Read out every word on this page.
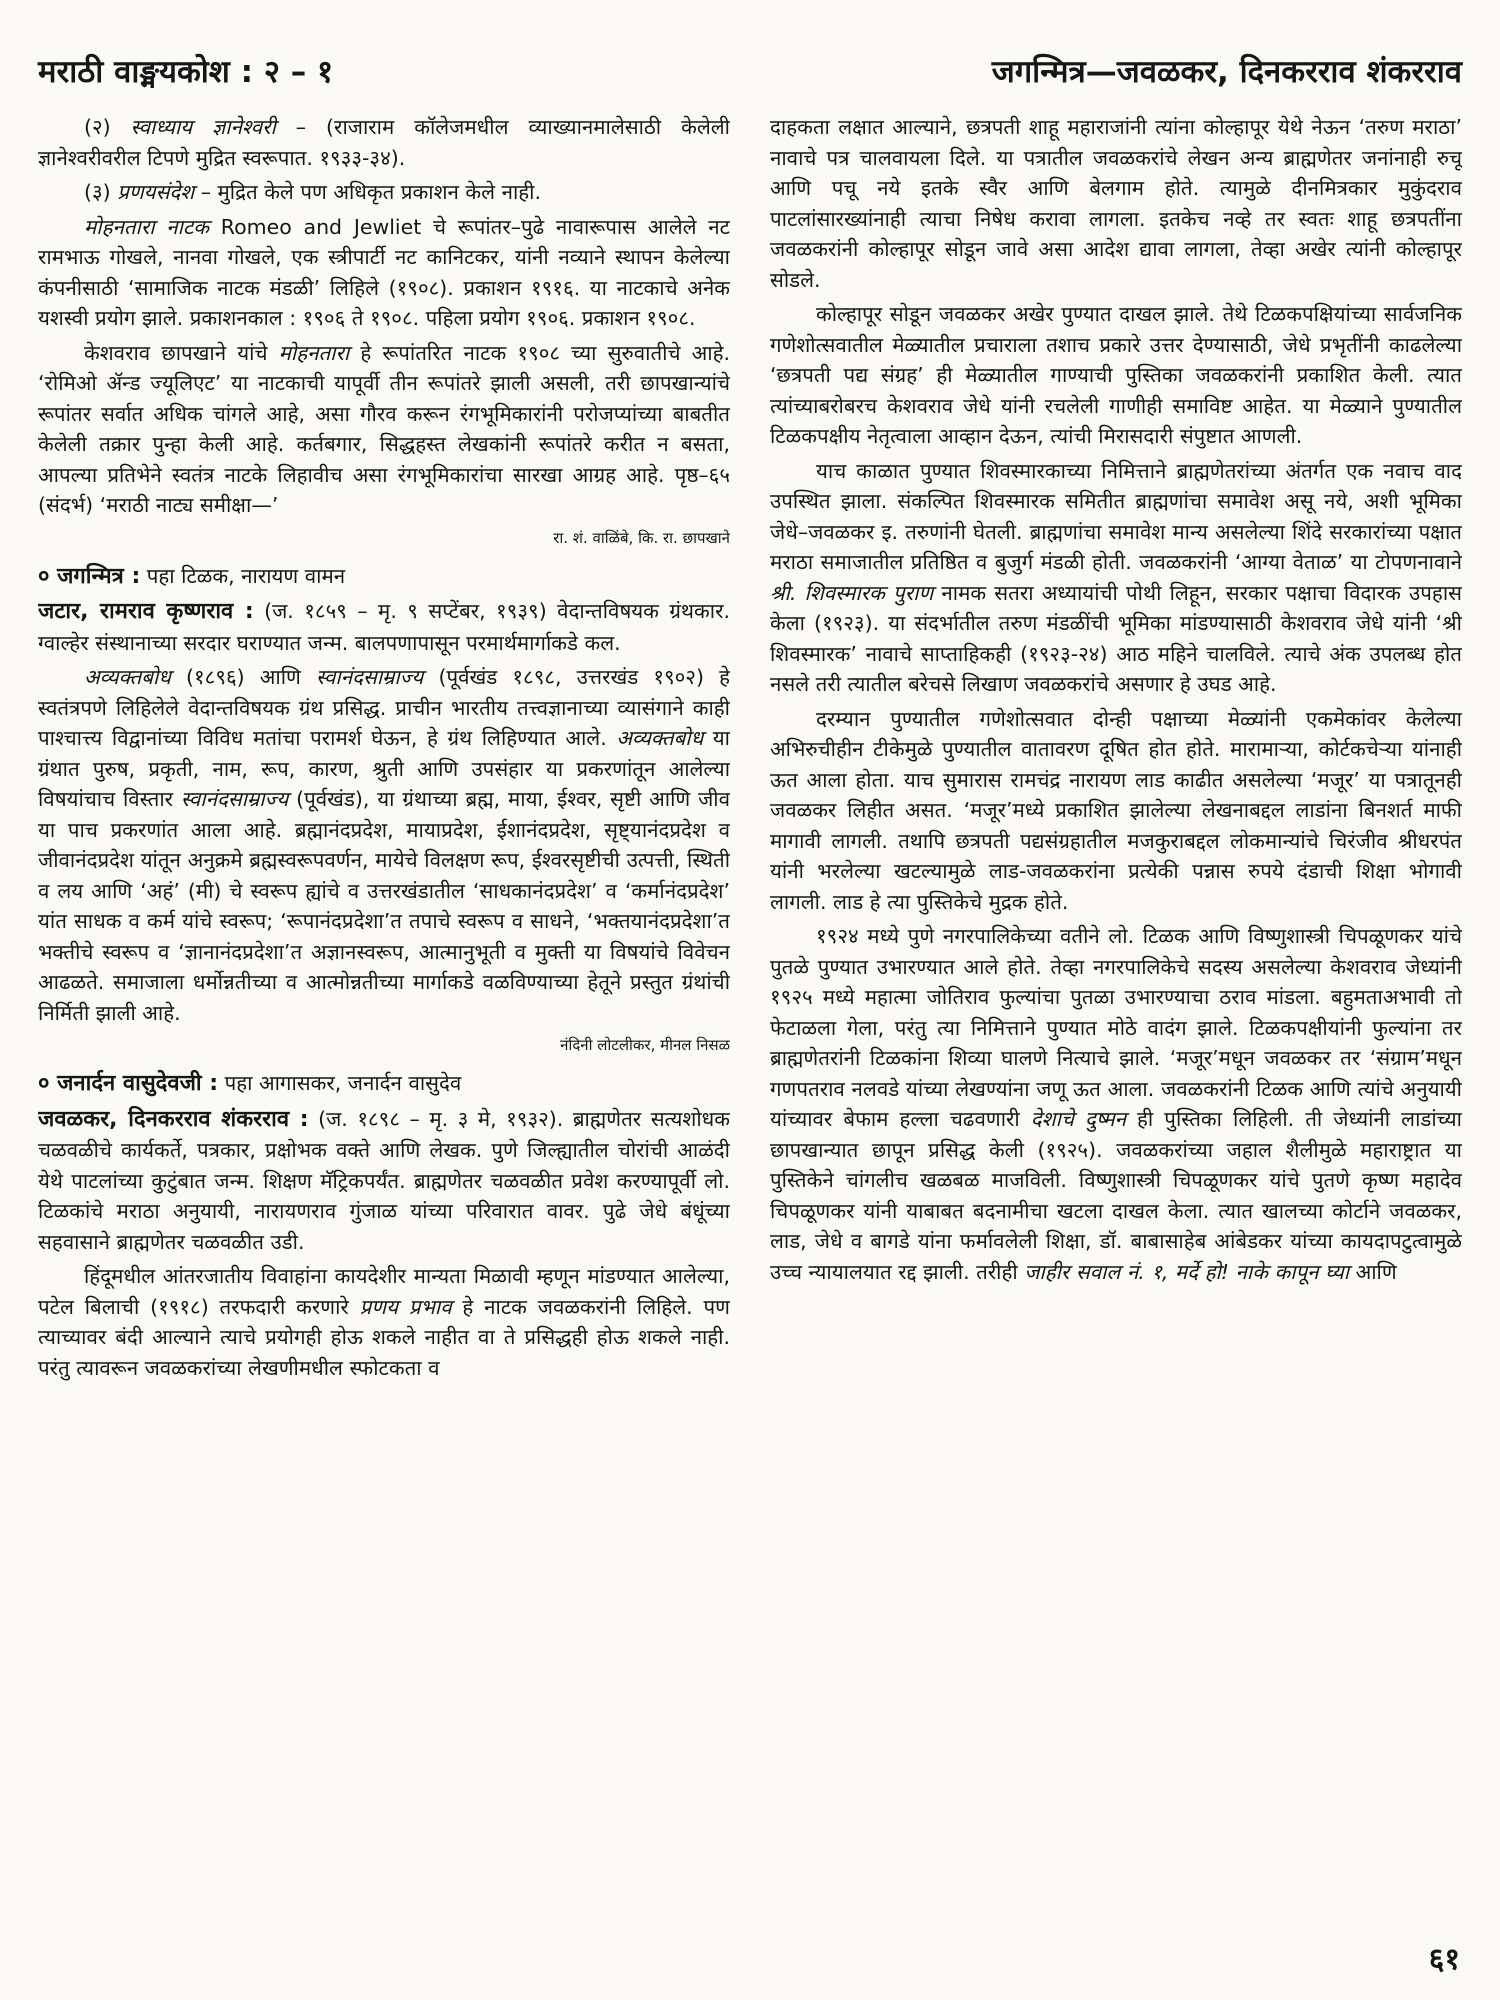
मराठी वाङ्मयकोश : २ – १	जगन्मित्र—जवळकर, दिनकरराव शंकरराव

(२) स्वाध्याय ज्ञानेश्वरी – (राजाराम कॉलेजमधील व्याख्यानमालेसाठी केलेली ज्ञानेश्वरीवरील टिपणे मुद्रित स्वरूपात. १९३३-३४).

(३) प्रणयसंदेश – मुद्रित केले पण अधिकृत प्रकाशन केले नाही.

मोहनतारा नाटक Romeo and Jewliet चे रूपांतर–पुढे नावारूपास आलेले नट रामभाऊ गोखले, नानवा गोखले, एक स्त्रीपार्टी नट कानिटकर, यांनी नव्याने स्थापन केलेल्या कंपनीसाठी ‘सामाजिक नाटक मंडळी’ लिहिले (१९०८). प्रकाशन १९१६. या नाटकाचे अनेक यशस्वी प्रयोग झाले. प्रकाशनकाल : १९०६ ते १९०८. पहिला प्रयोग १९०६. प्रकाशन १९०८.

केशवराव छापखाने यांचे मोहनतारा हे रूपांतरित नाटक १९०८ च्या सुरुवातीचे आहे. ‘रोमिओ ॲन्ड ज्यूलिएट’ या नाटकाची यापूर्वी तीन रूपांतरे झाली असली, तरी छापखान्यांचे रूपांतर सर्वात अधिक चांगले आहे, असा गौरव करून रंगभूमिकारांनी परोजप्यांच्या बाबतीत केलेली तक्रार पुन्हा केली आहे. कर्तबगार, सिद्धहस्त लेखकांनी रूपांतरे करीत न बसता, आपल्या प्रतिभेने स्वतंत्र नाटके लिहावीच असा रंगभूमिकारांचा सारखा आग्रह आहे. पृष्ठ–६५ (संदर्भ) ‘मराठी नाट्य समीक्षा—’

रा. शं. वाळिंबे, कि. रा. छापखाने

० जगन्मित्र : पहा टिळक, नारायण वामन

जटार, रामराव कृष्णराव : (ज. १८५९ – मृ. ९ सप्टेंबर, १९३९) वेदान्तविषयक ग्रंथकार. ग्वाल्हेर संस्थानाच्या सरदार घराण्यात जन्म. बालपणापासून परमार्थमार्गाकडे कल.

अव्यक्तबोध (१८९६) आणि स्वानंदसाम्राज्य (पूर्वखंड १८९८, उत्तरखंड १९०२) हे स्वतंत्रपणे लिहिलेले वेदान्तविषयक ग्रंथ प्रसिद्ध. प्राचीन भारतीय तत्त्वज्ञानाच्या व्यासंगाने काही पाश्चात्त्य विद्वानांच्या विविध मतांचा परामर्श घेऊन, हे ग्रंथ लिहिण्यात आले. अव्यक्तबोध या ग्रंथात पुरुष, प्रकृती, नाम, रूप, कारण, श्रुती आणि उपसंहार या प्रकरणांतून आलेल्या विषयांचाच विस्तार स्वानंदसाम्राज्य (पूर्वखंड), या ग्रंथाच्या ब्रह्म, माया, ईश्वर, सृष्टी आणि जीव या पाच प्रकरणांत आला आहे. ब्रह्मानंदप्रदेश, मायाप्रदेश, ईशानंदप्रदेश, सृष्ट्यानंदप्रदेश व जीवानंदप्रदेश यांतून अनुक्रमे ब्रह्मस्वरूपवर्णन, मायेचे विलक्षण रूप, ईश्वरसृष्टीची उत्पत्ती, स्थिती व लय आणि ‘अहं’ (मी) चे स्वरूप ह्यांचे व उत्तरखंडातील ‘साधकानंदप्रदेश’ व ‘कर्मानंदप्रदेश’ यांत साधक व कर्म यांचे स्वरूप; ‘रूपानंदप्रदेशा’त तपाचे स्वरूप व साधने, ‘भक्तयानंदप्रदेशा’त भक्तीचे स्वरूप व ‘ज्ञानानंदप्रदेशा’त अज्ञानस्वरूप, आत्मानुभूती व मुक्ती या विषयांचे विवेचन आढळते. समाजाला धर्मोन्नतीच्या व आत्मोन्नतीच्या मार्गाकडे वळविण्याच्या हेतूने प्रस्तुत ग्रंथांची निर्मिती झाली आहे.

नंदिनी लोटलीकर, मीनल निसळ

० जनार्दन वासुदेवजी : पहा आगासकर, जनार्दन वासुदेव

जवळकर, दिनकरराव शंकरराव : (ज. १८९८ – मृ. ३ मे, १९३२). ब्राह्मणेतर सत्यशोधक चळवळीचे कार्यकर्ते, पत्रकार, प्रक्षोभक वक्ते आणि लेखक. पुणे जिल्ह्यातील चोरांची आळंदी येथे पाटलांच्या कुटुंबात जन्म. शिक्षण मॅट्रिकपर्यंत. ब्राह्मणेतर चळवळीत प्रवेश करण्यापूर्वी लो. टिळकांचे मराठा अनुयायी, नारायणराव गुंजाळ यांच्या परिवारात वावर. पुढे जेधे बंधूंच्या सहवासाने ब्राह्मणेतर चळवळीत उडी.

हिंदूमधील आंतरजातीय विवाहांना कायदेशीर मान्यता मिळावी म्हणून मांडण्यात आलेल्या, पटेल बिलाची (१९१८) तरफदारी करणारे प्रणय प्रभाव हे नाटक जवळकरांनी लिहिले. पण त्याच्यावर बंदी आल्याने त्याचे प्रयोगही होऊ शकले नाहीत वा ते प्रसिद्धही होऊ शकले नाही. परंतु त्यावरून जवळकरांच्या लेखणीमधील स्फोटकता व

दाहकता लक्षात आल्याने, छत्रपती शाहू महाराजांनी त्यांना कोल्हापूर येथे नेऊन ‘तरुण मराठा’ नावाचे पत्र चालवायला दिले. या पत्रातील जवळकरांचे लेखन अन्य ब्राह्मणेतर जनांनाही रुचू आणि पचू नये इतके स्वैर आणि बेलगाम होते. त्यामुळे दीनमित्रकार मुकुंदराव पाटलांसारख्यांनाही त्याचा निषेध करावा लागला. इतकेच नव्हे तर स्वतः शाहू छत्रपतींना जवळकरांनी कोल्हापूर सोडून जावे असा आदेश द्यावा लागला, तेव्हा अखेर त्यांनी कोल्हापूर सोडले.

कोल्हापूर सोडून जवळकर अखेर पुण्यात दाखल झाले. तेथे टिळकपक्षियांच्या सार्वजनिक गणेशोत्सवातील मेळ्यातील प्रचाराला तशाच प्रकारे उत्तर देण्यासाठी, जेधे प्रभृतींनी काढलेल्या ‘छत्रपती पद्य संग्रह’ ही मेळ्यातील गाण्याची पुस्तिका जवळकरांनी प्रकाशित केली. त्यात त्यांच्याबरोबरच केशवराव जेधे यांनी रचलेली गाणीही समाविष्ट आहेत. या मेळ्याने पुण्यातील टिळकपक्षीय नेतृत्वाला आव्हान देऊन, त्यांची मिरासदारी संपुष्टात आणली.

याच काळात पुण्यात शिवस्मारकाच्या निमित्ताने ब्राह्मणेतरांच्या अंतर्गत एक नवाच वाद उपस्थित झाला. संकल्पित शिवस्मारक समितीत ब्राह्मणांचा समावेश असू नये, अशी भूमिका जेधे–जवळकर इ. तरुणांनी घेतली. ब्राह्मणांचा समावेश मान्य असलेल्या शिंदे सरकारांच्या पक्षात मराठा समाजातील प्रतिष्ठित व बुजुर्ग मंडळी होती. जवळकरांनी ‘आग्या वेताळ’ या टोपणनावाने श्री. शिवस्मारक पुराण नामक सतरा अध्यायांची पोथी लिहून, सरकार पक्षाचा विदारक उपहास केला (१९२३). या संदर्भातील तरुण मंडळींची भूमिका मांडण्यासाठी केशवराव जेधे यांनी ‘श्री शिवस्मारक’ नावाचे साप्ताहिकही (१९२३-२४) आठ महिने चालविले. त्याचे अंक उपलब्ध होत नसले तरी त्यातील बरेचसे लिखाण जवळकरांचे असणार हे उघड आहे.

दरम्यान पुण्यातील गणेशोत्सवात दोन्ही पक्षाच्या मेळ्यांनी एकमेकांवर केलेल्या अभिरुचीहीन टीकेमुळे पुण्यातील वातावरण दूषित होत होते. मारामाऱ्या, कोर्टकचेऱ्या यांनाही ऊत आला होता. याच सुमारास रामचंद्र नारायण लाड काढीत असलेल्या ‘मजूर’ या पत्रातूनही जवळकर लिहीत असत. ‘मजूर’मध्ये प्रकाशित झालेल्या लेखनाबद्दल लाडांना बिनशर्त माफी मागावी लागली. तथापि छत्रपती पद्यसंग्रहातील मजकुराबद्दल लोकमान्यांचे चिरंजीव श्रीधरपंत यांनी भरलेल्या खटल्यामुळे लाड-जवळकरांना प्रत्येकी पन्नास रुपये दंडाची शिक्षा भोगावी लागली. लाड हे त्या पुस्तिकेचे मुद्रक होते.

१९२४ मध्ये पुणे नगरपालिकेच्या वतीने लो. टिळक आणि विष्णुशास्त्री चिपळूणकर यांचे पुतळे पुण्यात उभारण्यात आले होते. तेव्हा नगरपालिकेचे सदस्य असलेल्या केशवराव जेध्यांनी १९२५ मध्ये महात्मा जोतिराव फुल्यांचा पुतळा उभारण्याचा ठराव मांडला. बहुमताअभावी तो फेटाळला गेला, परंतु त्या निमित्ताने पुण्यात मोठे वादंग झाले. टिळकपक्षीयांनी फुल्यांना तर ब्राह्मणेतरांनी टिळकांना शिव्या घालणे नित्याचे झाले. ‘मजूर’मधून जवळकर तर ‘संग्राम’मधून गणपतराव नलवडे यांच्या लेखण्यांना जणू ऊत आला. जवळकरांनी टिळक आणि त्यांचे अनुयायी यांच्यावर बेफाम हल्ला चढवणारी देशाचे दुष्मन ही पुस्तिका लिहिली. ती जेध्यांनी लाडांच्या छापखान्यात छापून प्रसिद्ध केली (१९२५). जवळकरांच्या जहाल शैलीमुळे महाराष्ट्रात या पुस्तिकेने चांगलीच खळबळ माजविली. विष्णुशास्त्री चिपळूणकर यांचे पुतणे कृष्ण महादेव चिपळूणकर यांनी याबाबत बदनामीचा खटला दाखल केला. त्यात खालच्या कोर्टाने जवळकर, लाड, जेधे व बागडे यांना फर्मावलेली शिक्षा, डॉ. बाबासाहेब आंबेडकर यांच्या कायदापटुत्वामुळे उच्च न्यायालयात रद्द झाली. तरीही जाहीर सवाल नं. १, मर्दे हो! नाके कापून घ्या आणि

६१
